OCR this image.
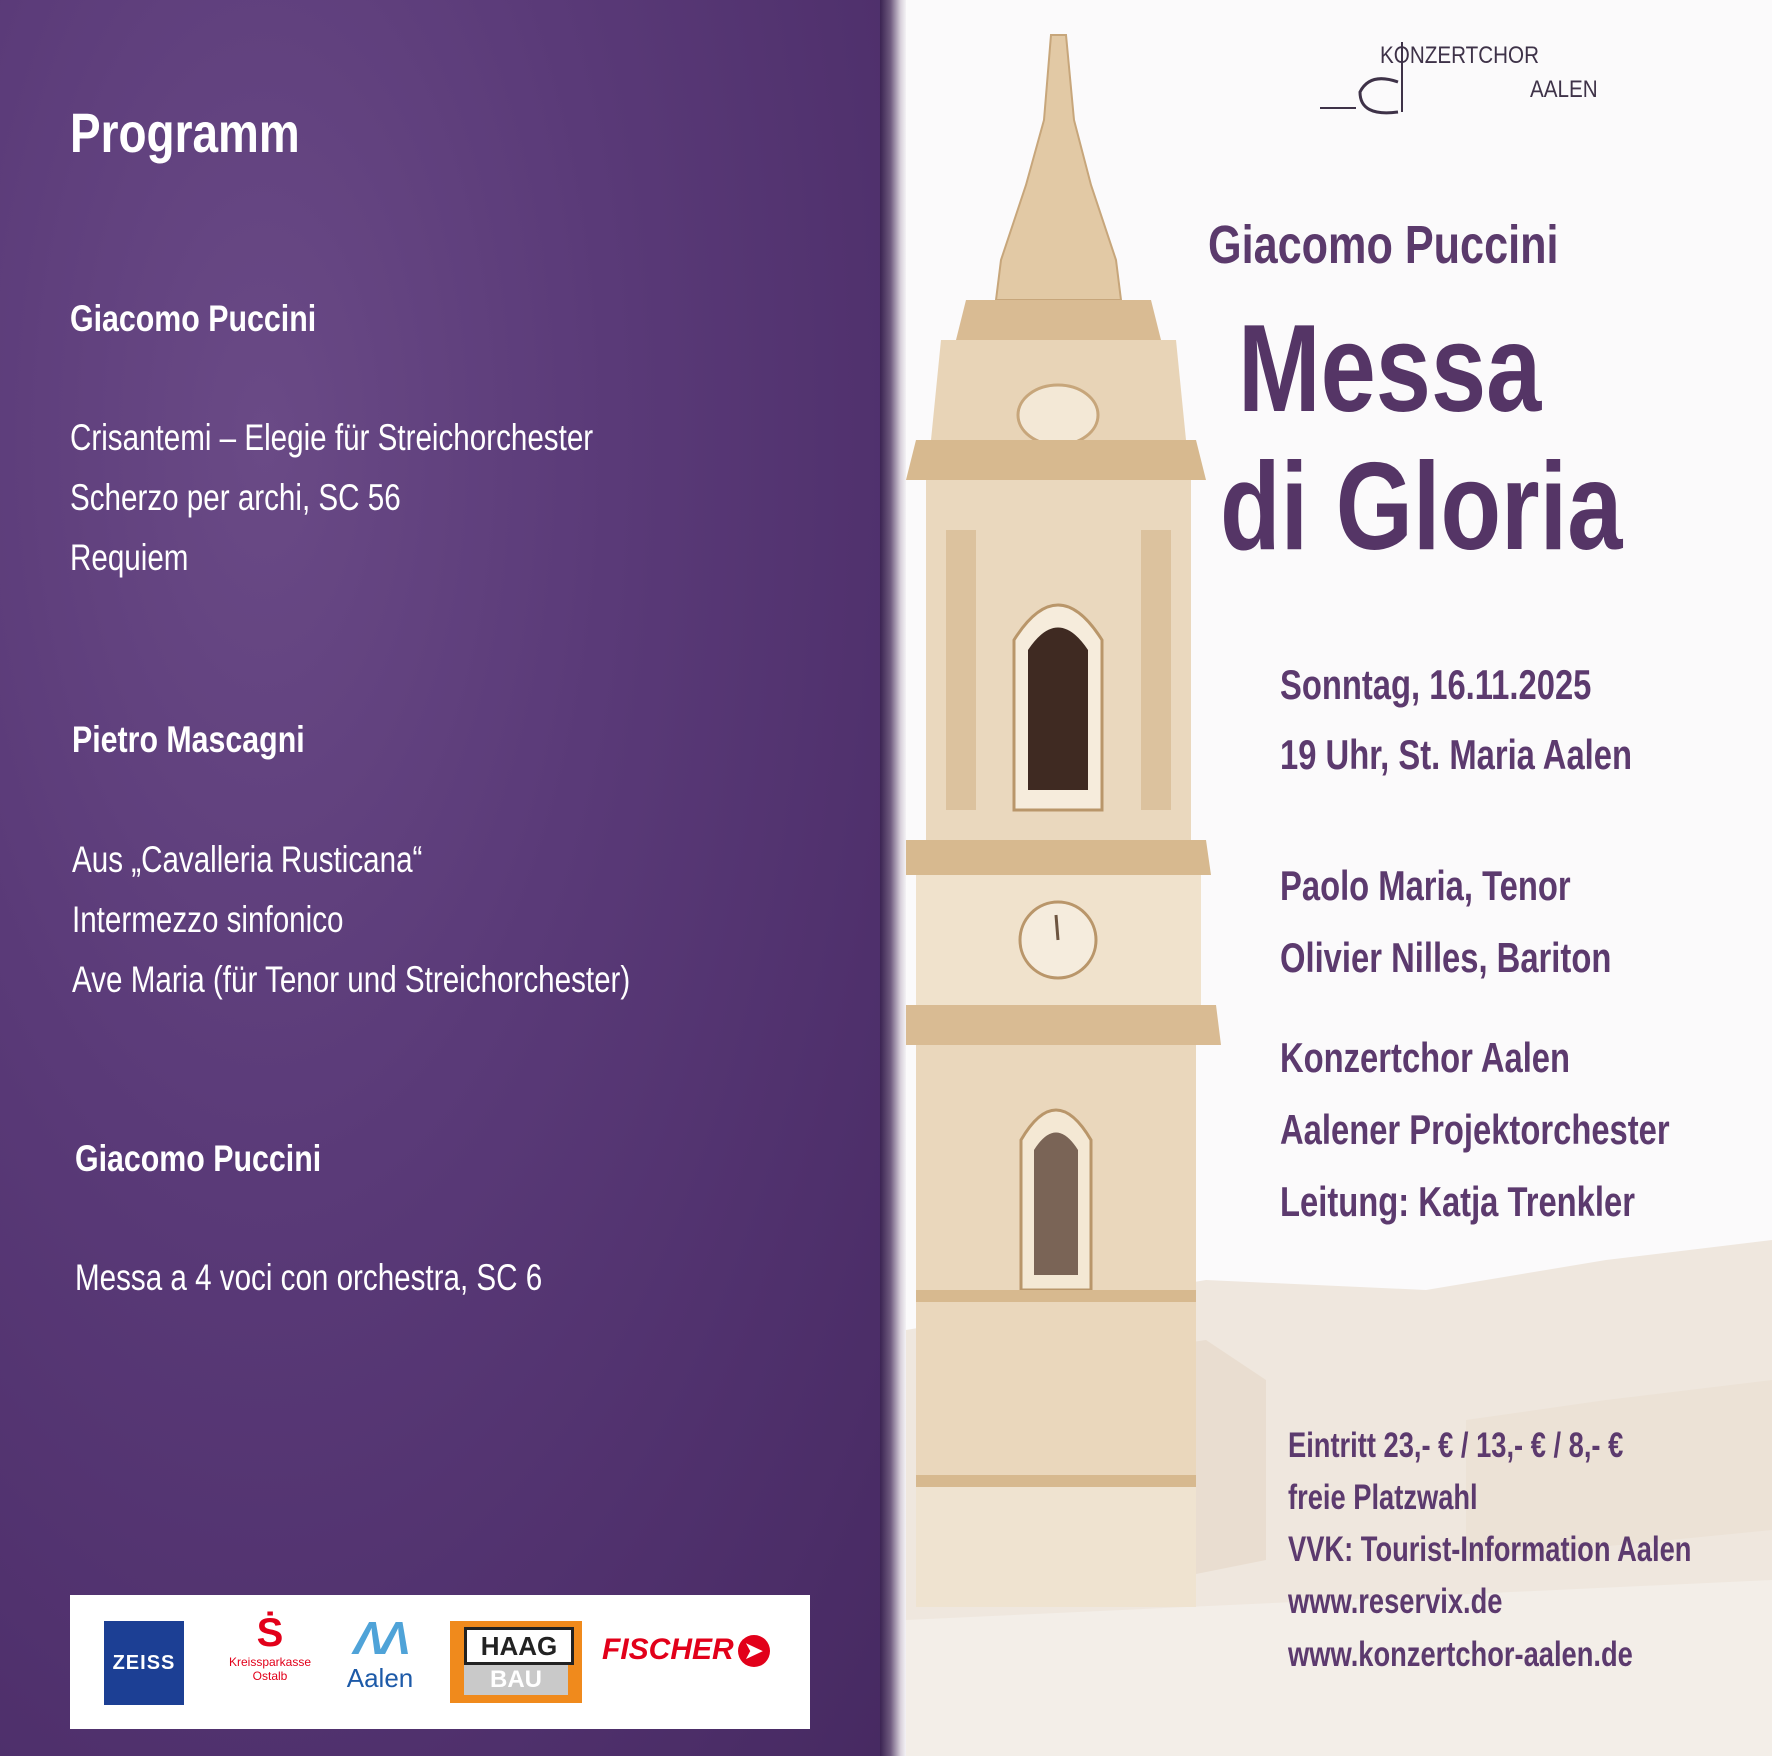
Programm
Giacomo Puccini
Crisantemi – Elegie für Streichorchester
Scherzo per archi, SC 56
Requiem
Pietro Mascagni
Aus „Cavalleria Rusticana“
Intermezzo sinfonico
Ave Maria (für Tenor und Streichorchester)
Giacomo Puccini
Messa a 4 voci con orchestra, SC 6
ZEISS
Ṡ
Kreissparkasse
Ostalb
ΛΛ
Aalen
HAAG
BAU
FISCHER ➤
KONZERTCHOR
AALEN
Giacomo Puccini
Messa
di Gloria
Sonntag, 16.11.2025
19 Uhr, St. Maria Aalen
Paolo Maria, Tenor
Olivier Nilles, Bariton
Konzertchor Aalen
Aalener Projektorchester
Leitung: Katja Trenkler
Eintritt 23,- € / 13,- € / 8,- €
freie Platzwahl
VVK: Tourist-Information Aalen
www.reservix.de
www.konzertchor-aalen.de
